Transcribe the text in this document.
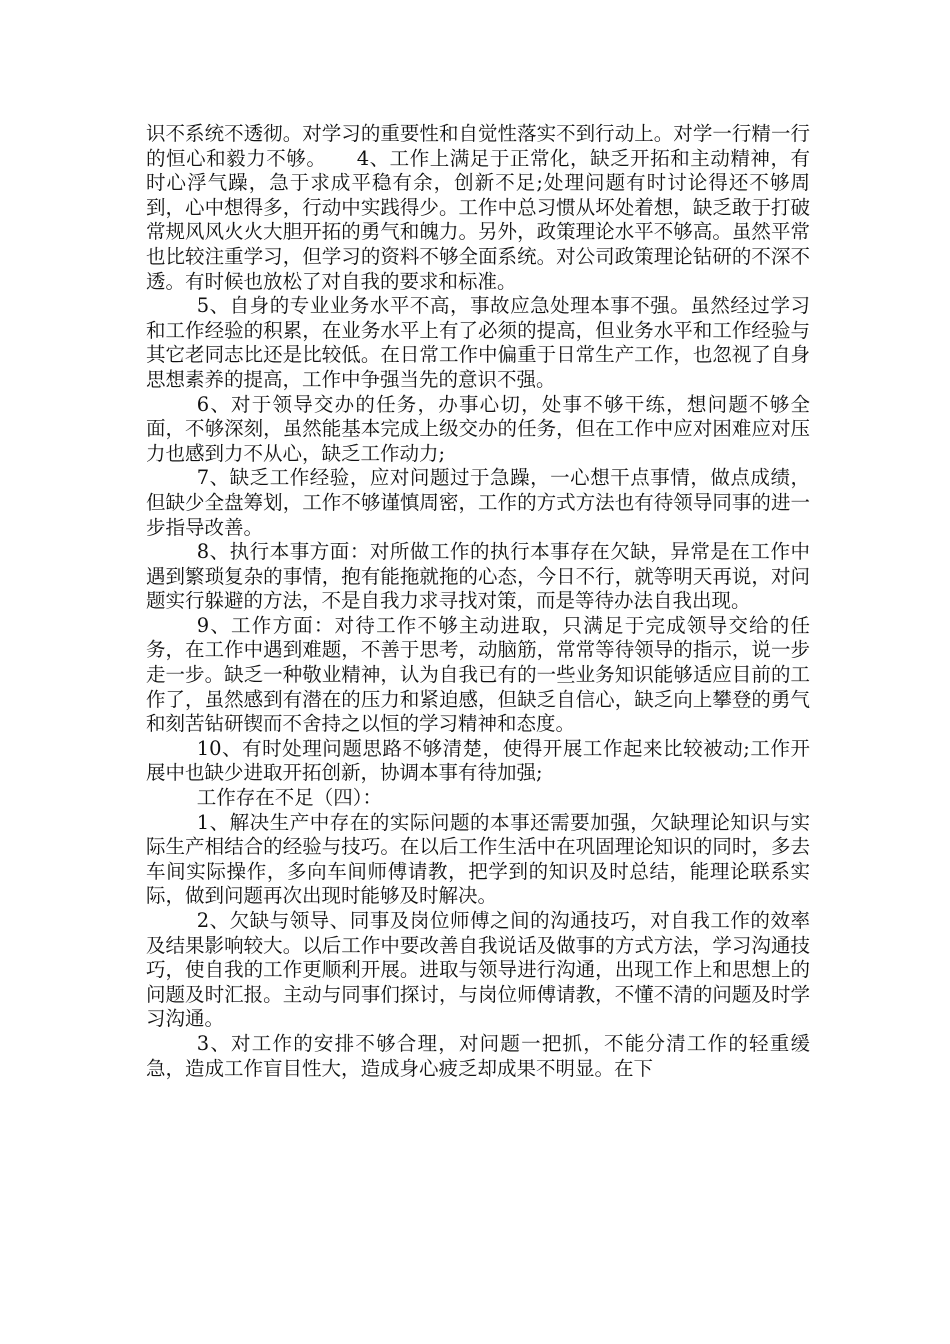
识不系统不透彻。对学习的重要性和自觉性落实不到行动上。对学一行精一行的恒心和毅力不够。　　4、工作上满足于正常化，缺乏开拓和主动精神，有时心浮气躁，急于求成平稳有余，创新不足;处理问题有时讨论得还不够周到，心中想得多，行动中实践得少。工作中总习惯从坏处着想，缺乏敢于打破常规风风火火大胆开拓的勇气和魄力。另外，政策理论水平不够高。虽然平常也比较注重学习，但学习的资料不够全面系统。对公司政策理论钻研的不深不透。有时候也放松了对自我的要求和标准。

5、自身的专业业务水平不高，事故应急处理本事不强。虽然经过学习和工作经验的积累，在业务水平上有了必须的提高，但业务水平和工作经验与其它老同志比还是比较低。在日常工作中偏重于日常生产工作，也忽视了自身思想素养的提高，工作中争强当先的意识不强。

6、对于领导交办的任务，办事心切，处事不够干练，想问题不够全面，不够深刻，虽然能基本完成上级交办的任务，但在工作中应对困难应对压力也感到力不从心，缺乏工作动力;

7、缺乏工作经验，应对问题过于急躁，一心想干点事情，做点成绩，但缺少全盘筹划，工作不够谨慎周密，工作的方式方法也有待领导同事的进一步指导改善。

8、执行本事方面：对所做工作的执行本事存在欠缺，异常是在工作中遇到繁琐复杂的事情，抱有能拖就拖的心态，今日不行，就等明天再说，对问题实行躲避的方法，不是自我力求寻找对策，而是等待办法自我出现。

9、工作方面：对待工作不够主动进取，只满足于完成领导交给的任务，在工作中遇到难题，不善于思考，动脑筋，常常等待领导的指示，说一步走一步。缺乏一种敬业精神，认为自我已有的一些业务知识能够适应目前的工作了，虽然感到有潜在的压力和紧迫感，但缺乏自信心，缺乏向上攀登的勇气和刻苦钻研锲而不舍持之以恒的学习精神和态度。

10、有时处理问题思路不够清楚，使得开展工作起来比较被动;工作开展中也缺少进取开拓创新，协调本事有待加强;

工作存在不足（四）：

1、解决生产中存在的实际问题的本事还需要加强，欠缺理论知识与实际生产相结合的经验与技巧。在以后工作生活中在巩固理论知识的同时，多去车间实际操作，多向车间师傅请教，把学到的知识及时总结，能理论联系实际，做到问题再次出现时能够及时解决。

2、欠缺与领导、同事及岗位师傅之间的沟通技巧，对自我工作的效率及结果影响较大。以后工作中要改善自我说话及做事的方式方法，学习沟通技巧，使自我的工作更顺利开展。进取与领导进行沟通，出现工作上和思想上的问题及时汇报。主动与同事们探讨，与岗位师傅请教，不懂不清的问题及时学习沟通。

3、对工作的安排不够合理，对问题一把抓，不能分清工作的轻重缓急，造成工作盲目性大，造成身心疲乏却成果不明显。在下
